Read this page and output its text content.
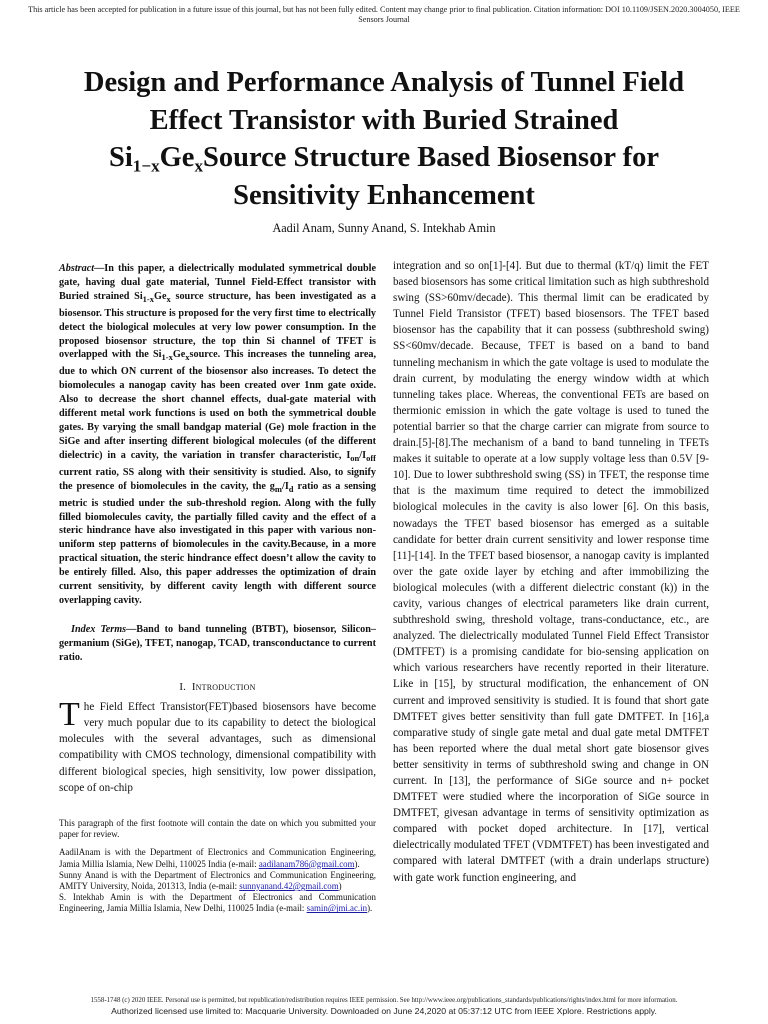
This article has been accepted for publication in a future issue of this journal, but has not been fully edited. Content may change prior to final publication. Citation information: DOI 10.1109/JSEN.2020.3004050, IEEE Sensors Journal
Design and Performance Analysis of Tunnel Field
Effect Transistor with Buried Strained
$Si_{1-x}Ge_xSource$ Structure Based Biosensor for
Sensitivity Enhancement
Aadil Anam, Sunny Anand, S. Intekhab Amin

Abstract—In this paper, a dielectrically modulated symmetrical double gate, having dual gate material, Tunnel Field-Effect transistor with Buried strained $Si_{1-x}Ge_x$ source structure, has been investigated as a biosensor. This structure is proposed for the very first time to electrically detect the biological molecules at very low power consumption. In the proposed biosensor structure, the top thin Si channel of TFET is overlapped with the $Si_{1-x}Ge_xsource$. This increases the tunneling area, due to which ON current of the biosensor also increases. To detect the biomolecules a nanogap cavity has been created over 1nm gate oxide. Also to decrease the short channel effects, dual-gate material with different metal work functions is used on both the symmetrical double gates. By varying the small bandgap material (Ge) mole fraction in the SiGe and after inserting different biological molecules (of the different dielectric) in a cavity, the variation in transfer characteristic, $I_{on}/I_{off}$ current ratio, SS along with their sensitivity is studied. Also, to signify the presence of biomolecules in the cavity, the $g_m/I_d$ ratio as a sensing metric is studied under the sub-threshold region. Along with the fully filled biomolecules cavity, the partially filled cavity and the effect of a steric hindrance have also investigated in this paper with various non-uniform step patterns of biomolecules in the cavity.Because, in a more practical situation, the steric hindrance effect doesn’t allow the cavity to be entirely filled. Also, this paper addresses the optimization of drain current sensitivity, by different cavity length with different source overlapping cavity.

Index Terms—Band to band tunneling (BTBT), biosensor, Silicon–germanium (SiGe), TFET, nanogap, TCAD, transconductance to current ratio.

I. Introduction

The Field Effect Transistor(FET)based biosensors have become very much popular due to its capability to detect the biological molecules with the several advantages, such as dimensional compatibility with CMOS technology, dimensional compatibility with different biological species, high sensitivity, low power dissipation, scope of on-chip

This paragraph of the first footnote will contain the date on which you submitted your paper for review.

AadilAnam is with the Department of Electronics and Communication Engineering, Jamia Millia Islamia, New Delhi, 110025 India (e-mail: aadilanam786@gmail.com).

Sunny Anand is with the Department of Electronics and Communication Engineering, AMITY University, Noida, 201313, India (e-mail: sunnyanand.42@gmail.com)

S. Intekhab Amin is with the Department of Electronics and Communication Engineering, Jamia Millia Islamia, New Delhi, 110025 India (e-mail: samin@jmi.ac.in).

integration and so on[1]-[4]. But due to thermal (kT/q) limit the FET based biosensors has some critical limitation such as high subthreshold swing (SS>60mv/decade). This thermal limit can be eradicated by Tunnel Field Transistor (TFET) based biosensors. The TFET based biosensor has the capability that it can possess (subthreshold swing) SS<60mv/decade. Because, TFET is based on a band to band tunneling mechanism in which the gate voltage is used to modulate the drain current, by modulating the energy window width at which tunneling takes place. Whereas, the conventional FETs are based on thermionic emission in which the gate voltage is used to tuned the potential barrier so that the charge carrier can migrate from source to drain.[5]-[8].The mechanism of a band to band tunneling in TFETs makes it suitable to operate at a low supply voltage less than 0.5V [9-10]. Due to lower subthreshold swing (SS) in TFET, the response time that is the maximum time required to detect the immobilized biological molecules in the cavity is also lower [6]. On this basis, nowadays the TFET based biosensor has emerged as a suitable candidate for better drain current sensitivity and lower response time [11]-[14]. In the TFET based biosensor, a nanogap cavity is implanted over the gate oxide layer by etching and after immobilizing the biological molecules (with a different dielectric constant (k)) in the cavity, various changes of electrical parameters like drain current, subthreshold swing, threshold voltage, trans-conductance, etc., are analyzed. The dielectrically modulated Tunnel Field Effect Transistor (DMTFET) is a promising candidate for bio-sensing application on which various researchers have recently reported in their literature. Like in [15], by structural modification, the enhancement of ON current and improved sensitivity is studied. It is found that short gate DMTFET gives better sensitivity than full gate DMTFET. In [16],a comparative study of single gate metal and dual gate metal DMTFET has been reported where the dual metal short gate biosensor gives better sensitivity in terms of subthreshold swing and change in ON current. In [13], the performance of SiGe source and n+ pocket DMTFET were studied where the incorporation of SiGe source in DMTFET, givesan advantage in terms of sensitivity optimization as compared with pocket doped architecture. In [17], vertical dielectrically modulated TFET (VDMTFET) has been investigated and compared with lateral DMTFET (with a drain underlaps structure) with gate work function engineering, and

1558-1748 (c) 2020 IEEE. Personal use is permitted, but republication/redistribution requires IEEE permission. See http://www.ieee.org/publications_standards/publications/rights/index.html for more information.
Authorized licensed use limited to: Macquarie University. Downloaded on June 24,2020 at 05:37:12 UTC from IEEE Xplore. Restrictions apply.
